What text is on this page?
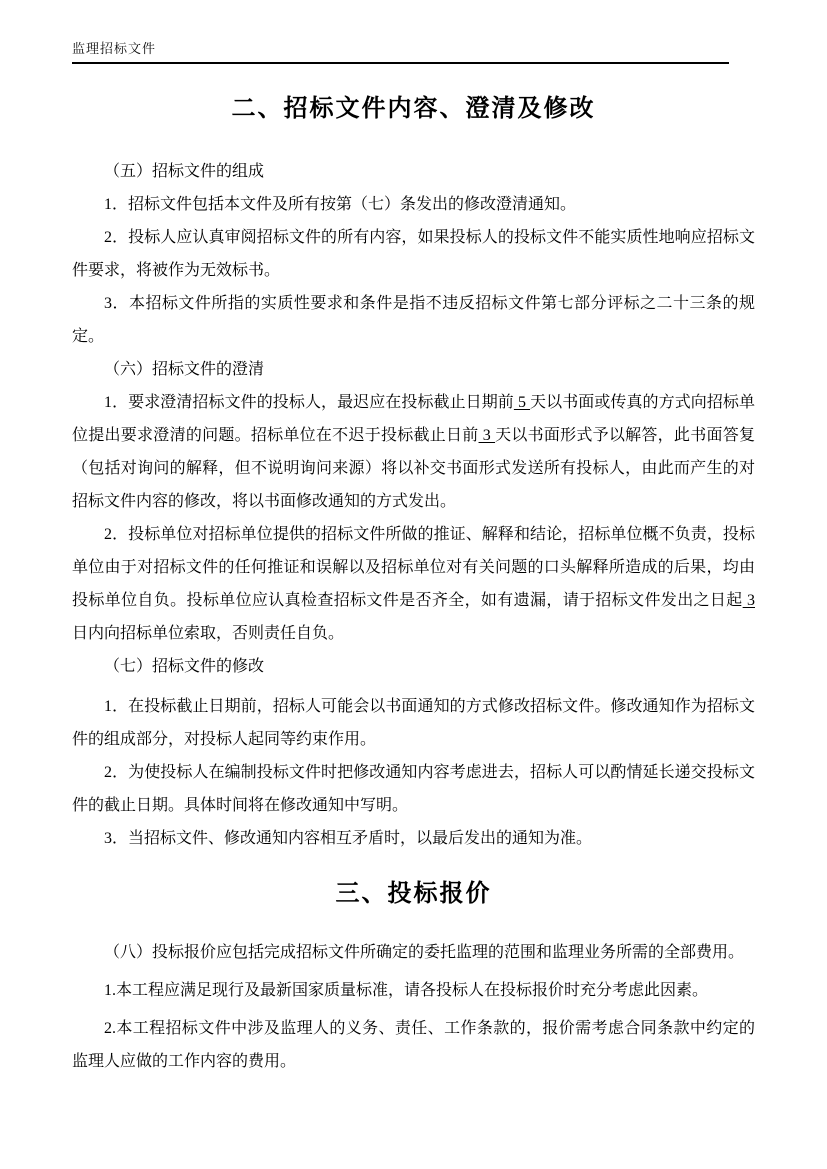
监理招标文件
二、招标文件内容、澄清及修改

（五）招标文件的组成

1．招标文件包括本文件及所有按第（七）条发出的修改澄清通知。

2．投标人应认真审阅招标文件的所有内容，如果投标人的投标文件不能实质性地响应招标文件要求，将被作为无效标书。

3．本招标文件所指的实质性要求和条件是指不违反招标文件第七部分评标之二十三条的规定。

（六）招标文件的澄清

1．要求澄清招标文件的投标人，最迟应在投标截止日期前 5 天以书面或传真的方式向招标单位提出要求澄清的问题。招标单位在不迟于投标截止日前 3 天以书面形式予以解答，此书面答复（包括对询问的解释，但不说明询问来源）将以补交书面形式发送所有投标人，由此而产生的对招标文件内容的修改，将以书面修改通知的方式发出。

2．投标单位对招标单位提供的招标文件所做的推证、解释和结论，招标单位概不负责，投标单位由于对招标文件的任何推证和误解以及招标单位对有关问题的口头解释所造成的后果，均由投标单位自负。投标单位应认真检查招标文件是否齐全，如有遗漏，请于招标文件发出之日起 3 日内向招标单位索取，否则责任自负。

（七）招标文件的修改

1．在投标截止日期前，招标人可能会以书面通知的方式修改招标文件。修改通知作为招标文件的组成部分，对投标人起同等约束作用。

2．为使投标人在编制投标文件时把修改通知内容考虑进去，招标人可以酌情延长递交投标文件的截止日期。具体时间将在修改通知中写明。

3．当招标文件、修改通知内容相互矛盾时，以最后发出的通知为准。

三、投标报价

（八）投标报价应包括完成招标文件所确定的委托监理的范围和监理业务所需的全部费用。

1.本工程应满足现行及最新国家质量标准，请各投标人在投标报价时充分考虑此因素。

2.本工程招标文件中涉及监理人的义务、责任、工作条款的，报价需考虑合同条款中约定的监理人应做的工作内容的费用。
